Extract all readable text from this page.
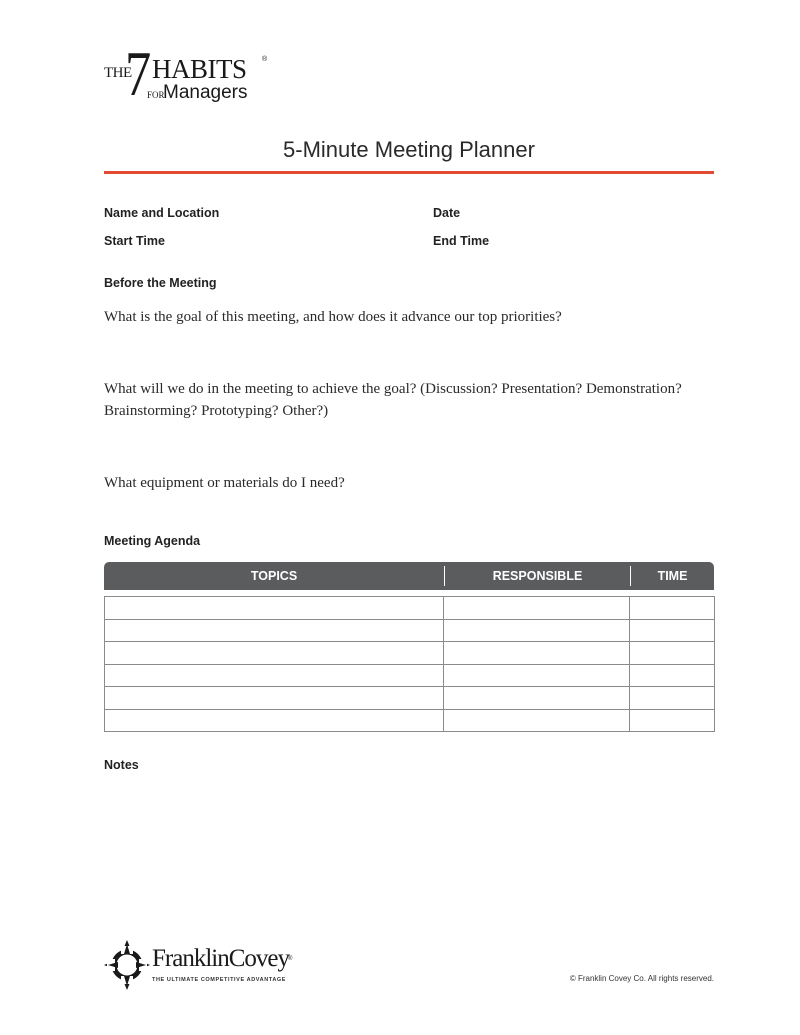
THE
7 HABITS ®
FOR
Managers
5-Minute Meeting Planner
Name and Location	Date
Start Time	End Time
Before the Meeting
What is the goal of this meeting, and how does it advance our top priorities?
What will we do in the meeting to achieve the goal? (Discussion? Presentation? Demonstration? Brainstorming? Prototyping? Other?)
What equipment or materials do I need?
Meeting Agenda
TOPICS	RESPONSIBLE	TIME

Notes
FranklinCovey ®
THE ULTIMATE COMPETITIVE ADVANTAGE	© Franklin Covey Co. All rights reserved.
